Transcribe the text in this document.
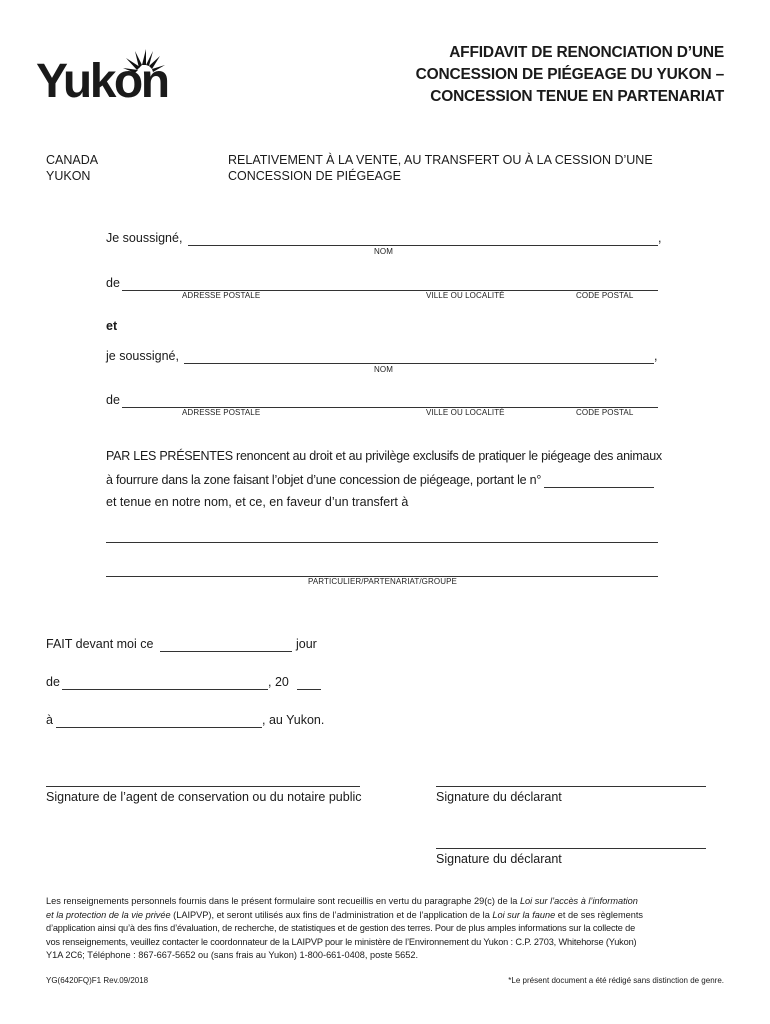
Yukon
AFFIDAVIT DE RENONCIATION D’UNE
CONCESSION DE PIÉGEAGE DU YUKON –
CONCESSION TENUE EN PARTENARIAT
CANADA
YUKON
RELATIVEMENT À LA VENTE, AU TRANSFERT OU À LA CESSION D’UNE
CONCESSION DE PIÉGEAGE
Je soussigné,	,
NOM
de
ADRESSE POSTALE	VILLE OU LOCALITÉ	CODE POSTAL
et
je soussigné,	,
NOM
de
ADRESSE POSTALE	VILLE OU LOCALITÉ	CODE POSTAL
PAR LES PRÉSENTES renoncent au droit et au privilège exclusifs de pratiquer le piégeage des animaux
à fourrure dans la zone faisant l’objet d’une concession de piégeage, portant le n°
et tenue en notre nom, et ce, en faveur d’un transfert à
PARTICULIER/PARTENARIAT/GROUPE
FAIT devant moi ce	jour
de	, 20
à	, au Yukon.
Signature de l’agent de conservation ou du notaire public	Signature du déclarant
Signature du déclarant
Les renseignements personnels fournis dans le présent formulaire sont recueillis en vertu du paragraphe 29(c) de la Loi sur l’accès à l’information
et la protection de la vie privée (LAIPVP), et seront utilisés aux fins de l’administration et de l’application de la Loi sur la faune et de ses règlements
d’application ainsi qu’à des fins d’évaluation, de recherche, de statistiques et de gestion des terres. Pour de plus amples informations sur la collecte de
vos renseignements, veuillez contacter le coordonnateur de la LAIPVP pour le ministère de l’Environnement du Yukon : C.P. 2703, Whitehorse (Yukon)
Y1A 2C6; Téléphone : 867-667-5652 ou (sans frais au Yukon) 1-800-661-0408, poste 5652.
YG(6420FQ)F1 Rev.09/2018	*Le présent document a été rédigé sans distinction de genre.
